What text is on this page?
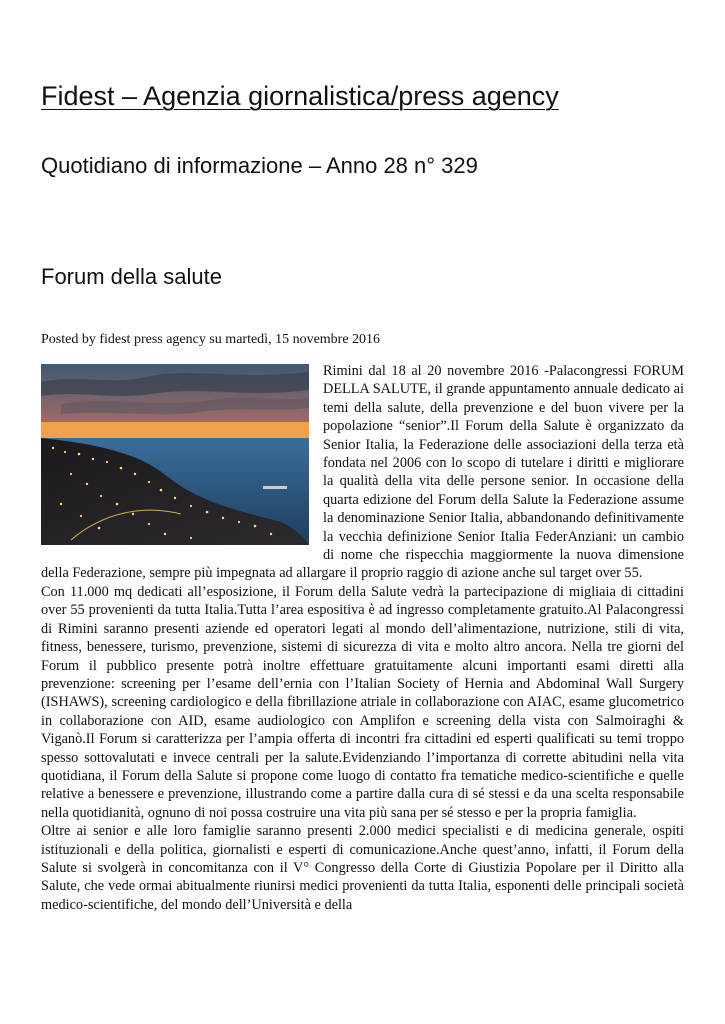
Fidest – Agenzia giornalistica/press agency
Quotidiano di informazione – Anno 28 n° 329
Forum della salute

Posted by fidest press agency su martedì, 15 novembre 2016

Rimini dal 18 al 20 novembre 2016 -Palacongressi FORUM DELLA SALUTE, il grande appuntamento annuale dedicato ai temi della salute, della prevenzione e del buon vivere per la popolazione “senior”.Il Forum della Salute è organizzato da Senior Italia, la Federazione delle associazioni della terza età fondata nel 2006 con lo scopo di tutelare i diritti e migliorare la qualità della vita delle persone senior. In occasione della quarta edizione del Forum della Salute la Federazione assume la denominazione Senior Italia, abbandonando definitivamente la vecchia definizione Senior Italia FederAnziani: un cambio di nome che rispecchia maggiormente la nuova dimensione della Federazione, sempre più impegnata ad allargare il proprio raggio di azione anche sul target over 55.

Con 11.000 mq dedicati all’esposizione, il Forum della Salute vedrà la partecipazione di migliaia di cittadini over 55 provenienti da tutta Italia.Tutta l’area espositiva è ad ingresso completamente gratuito.Al Palacongressi di Rimini saranno presenti aziende ed operatori legati al mondo dell’alimentazione, nutrizione, stili di vita, fitness, benessere, turismo, prevenzione, sistemi di sicurezza di vita e molto altro ancora. Nella tre giorni del Forum il pubblico presente potrà inoltre effettuare gratuitamente alcuni importanti esami diretti alla prevenzione: screening per l’esame dell’ernia con l’Italian Society of Hernia and Abdominal Wall Surgery (ISHAWS), screening cardiologico e della fibrillazione atriale in collaborazione con AIAC, esame glucometrico in collaborazione con AID, esame audiologico con Amplifon e screening della vista con Salmoiraghi & Viganò.Il Forum si caratterizza per l’ampia offerta di incontri fra cittadini ed esperti qualificati su temi troppo spesso sottovalutati e invece centrali per la salute.Evidenziando l’importanza di corrette abitudini nella vita quotidiana, il Forum della Salute si propone come luogo di contatto fra tematiche medico-scientifiche e quelle relative a benessere e prevenzione, illustrando come a partire dalla cura di sé stessi e da una scelta responsabile nella quotidianità, ognuno di noi possa costruire una vita più sana per sé stesso e per la propria famiglia.

Oltre ai senior e alle loro famiglie saranno presenti 2.000 medici specialisti e di medicina generale, ospiti istituzionali e della politica, giornalisti e esperti di comunicazione.Anche quest’anno, infatti, il Forum della Salute si svolgerà in concomitanza con il V° Congresso della Corte di Giustizia Popolare per il Diritto alla Salute, che vede ormai abitualmente riunirsi medici provenienti da tutta Italia, esponenti delle principali società medico-scientifiche, del mondo dell’Università e della
